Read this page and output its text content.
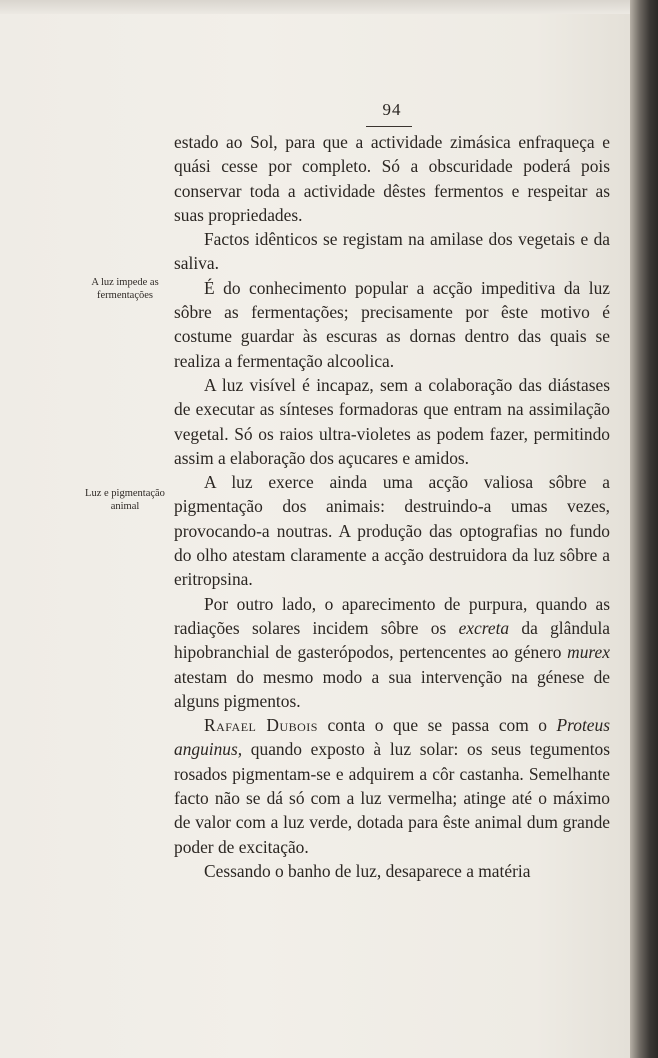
94
A luz impede as fermentações
Luz e pigmentação animal

estado ao Sol, para que a actividade zimásica enfraqueça e quási cesse por completo. Só a obscuridade poderá pois conservar toda a actividade dêstes fermentos e respeitar as suas propriedades.

Factos idênticos se registam na amilase dos vegetais e da saliva.

É do conhecimento popular a acção impeditiva da luz sôbre as fermentações; precisamente por êste motivo é costume guardar às escuras as dornas dentro das quais se realiza a fermentação alcoolica.

A luz visível é incapaz, sem a colaboração das diástases de executar as sínteses formadoras que entram na assimilação vegetal. Só os raios ultra-violetes as podem fazer, permitindo assim a elaboração dos açucares e amidos.

A luz exerce ainda uma acção valiosa sôbre a pigmentação dos animais: destruindo-a umas vezes, provocando-a noutras. A produção das optografias no fundo do olho atestam claramente a acção destruidora da luz sôbre a eritropsina.

Por outro lado, o aparecimento de purpura, quando as radiações solares incidem sôbre os excreta da glândula hipobranchial de gasterópodos, pertencentes ao género murex atestam do mesmo modo a sua intervenção na génese de alguns pigmentos.

Rafael Dubois conta o que se passa com o Proteus anguinus, quando exposto à luz solar: os seus tegumentos rosados pigmentam-se e adquirem a côr castanha. Semelhante facto não se dá só com a luz vermelha; atinge até o máximo de valor com a luz verde, dotada para êste animal dum grande poder de excitação.

Cessando o banho de luz, desaparece a matéria
